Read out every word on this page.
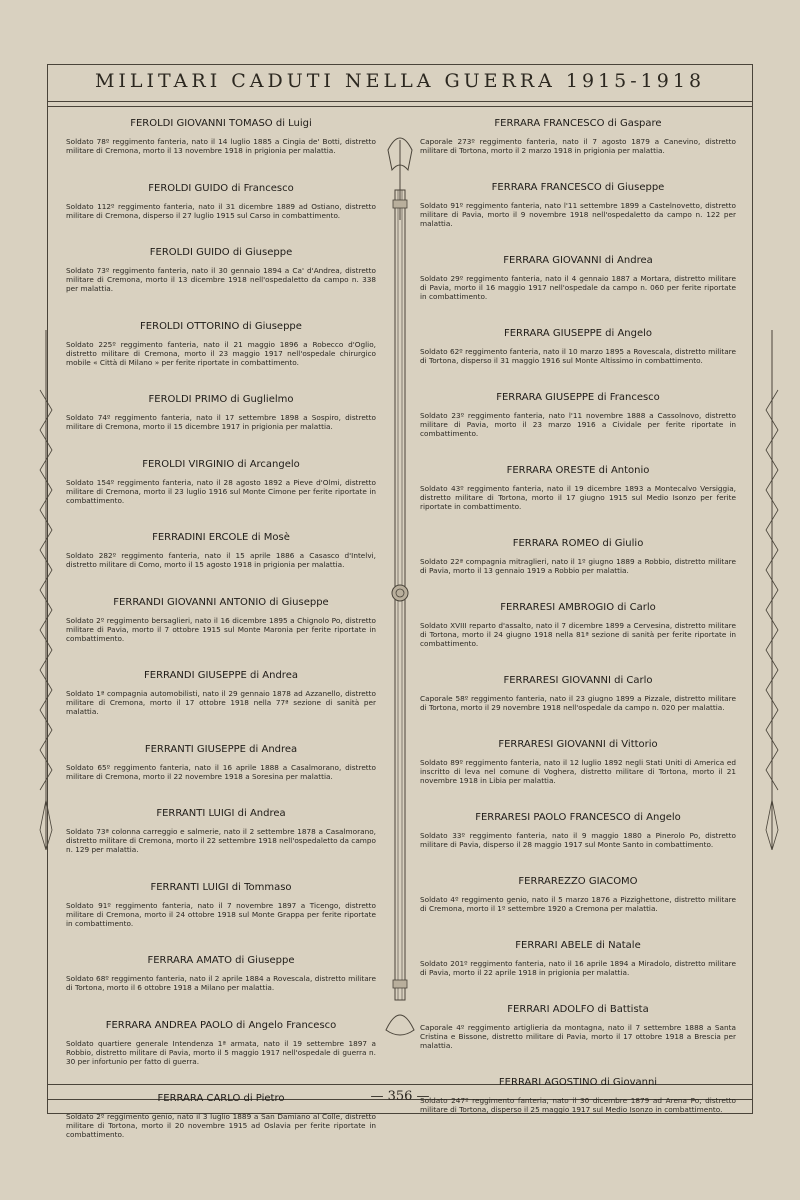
MILITARI CADUTI NELLA GUERRA 1915-1918
FEROLDI GIOVANNI TOMASO di Luigi

Soldato 78º reggimento fanteria, nato il 14 luglio 1885 a Cingia de' Botti, distretto militare di Cremona, morto il 13 novembre 1918 in prigionia per malattia.

FEROLDI GUIDO di Francesco

Soldato 112º reggimento fanteria, nato il 31 dicembre 1889 ad Ostiano, distretto militare di Cremona, disperso il 27 luglio 1915 sul Carso in combattimento.

FEROLDI GUIDO di Giuseppe

Soldato 73º reggimento fanteria, nato il 30 gennaio 1894 a Ca' d'Andrea, distretto militare di Cremona, morto il 13 dicembre 1918 nell'ospedaletto da campo n. 338 per malattia.

FEROLDI OTTORINO di Giuseppe

Soldato 225º reggimento fanteria, nato il 21 maggio 1896 a Robecco d'Oglio, distretto militare di Cremona, morto il 23 maggio 1917 nell'ospedale chirurgico mobile « Città di Milano » per ferite riportate in combattimento.

FEROLDI PRIMO di Guglielmo

Soldato 74º reggimento fanteria, nato il 17 settembre 1898 a Sospiro, distretto militare di Cremona, morto il 15 dicembre 1917 in prigionia per malattia.

FEROLDI VIRGINIO di Arcangelo

Soldato 154º reggimento fanteria, nato il 28 agosto 1892 a Pieve d'Olmi, distretto militare di Cremona, morto il 23 luglio 1916 sul Monte Cimone per ferite riportate in combattimento.

FERRADINI ERCOLE di Mosè

Soldato 282º reggimento fanteria, nato il 15 aprile 1886 a Casasco d'Intelvi, distretto militare di Como, morto il 15 agosto 1918 in prigionia per malattia.

FERRANDI GIOVANNI ANTONIO di Giuseppe

Soldato 2º reggimento bersaglieri, nato il 16 dicembre 1895 a Chignolo Po, distretto militare di Pavia, morto il 7 ottobre 1915 sul Monte Maronia per ferite riportate in combattimento.

FERRANDI GIUSEPPE di Andrea

Soldato 1ª compagnia automobilisti, nato il 29 gennaio 1878 ad Azzanello, distretto militare di Cremona, morto il 17 ottobre 1918 nella 77ª sezione di sanità per malattia.

FERRANTI GIUSEPPE di Andrea

Soldato 65º reggimento fanteria, nato il 16 aprile 1888 a Casalmorano, distretto militare di Cremona, morto il 22 novembre 1918 a Soresina per malattia.

FERRANTI LUIGI di Andrea

Soldato 73ª colonna carreggio e salmerie, nato il 2 settembre 1878 a Casalmorano, distretto militare di Cremona, morto il 22 settembre 1918 nell'ospedaletto da campo n. 129 per malattia.

FERRANTI LUIGI di Tommaso

Soldato 91º reggimento fanteria, nato il 7 novembre 1897 a Ticengo, distretto militare di Cremona, morto il 24 ottobre 1918 sul Monte Grappa per ferite riportate in combattimento.

FERRARA AMATO di Giuseppe

Soldato 68º reggimento fanteria, nato il 2 aprile 1884 a Rovescala, distretto militare di Tortona, morto il 6 ottobre 1918 a Milano per malattia.

FERRARA ANDREA PAOLO di Angelo Francesco

Soldato quartiere generale Intendenza 1ª armata, nato il 19 settembre 1897 a Robbio, distretto militare di Pavia, morto il 5 maggio 1917 nell'ospedale di guerra n. 30 per infortunio per fatto di guerra.

FERRARA CARLO di Pietro

Soldato 2º reggimento genio, nato il 3 luglio 1889 a San Damiano al Colle, distretto militare di Tortona, morto il 20 novembre 1915 ad Oslavia per ferite riportate in combattimento.

FERRARA FRANCESCO di Gaspare

Caporale 273º reggimento fanteria, nato il 7 agosto 1879 a Canevino, distretto militare di Tortona, morto il 2 marzo 1918 in prigionia per malattia.

FERRARA FRANCESCO di Giuseppe

Soldato 91º reggimento fanteria, nato l'11 settembre 1899 a Castelnovetto, distretto militare di Pavia, morto il 9 novembre 1918 nell'ospedaletto da campo n. 122 per malattia.

FERRARA GIOVANNI di Andrea

Soldato 29º reggimento fanteria, nato il 4 gennaio 1887 a Mortara, distretto militare di Pavia, morto il 16 maggio 1917 nell'ospedale da campo n. 060 per ferite riportate in combattimento.

FERRARA GIUSEPPE di Angelo

Soldato 62º reggimento fanteria, nato il 10 marzo 1895 a Rovescala, distretto militare di Tortona, disperso il 31 maggio 1916 sul Monte Altissimo in combattimento.

FERRARA GIUSEPPE di Francesco

Soldato 23º reggimento fanteria, nato l'11 novembre 1888 a Cassolnovo, distretto militare di Pavia, morto il 23 marzo 1916 a Cividale per ferite riportate in combattimento.

FERRARA ORESTE di Antonio

Soldato 43º reggimento fanteria, nato il 19 dicembre 1893 a Montecalvo Versiggia, distretto militare di Tortona, morto il 17 giugno 1915 sul Medio Isonzo per ferite riportate in combattimento.

FERRARA ROMEO di Giulio

Soldato 22ª compagnia mitraglieri, nato il 1º giugno 1889 a Robbio, distretto militare di Pavia, morto il 13 gennaio 1919 a Robbio per malattia.

FERRARESI AMBROGIO di Carlo

Soldato XVIII reparto d'assalto, nato il 7 dicembre 1899 a Cervesina, distretto militare di Tortona, morto il 24 giugno 1918 nella 81ª sezione di sanità per ferite riportate in combattimento.

FERRARESI GIOVANNI di Carlo

Caporale 58º reggimento fanteria, nato il 23 giugno 1899 a Pizzale, distretto militare di Tortona, morto il 29 novembre 1918 nell'ospedale da campo n. 020 per malattia.

FERRARESI GIOVANNI di Vittorio

Soldato 89º reggimento fanteria, nato il 12 luglio 1892 negli Stati Uniti di America ed inscritto di leva nel comune di Voghera, distretto militare di Tortona, morto il 21 novembre 1918 in Libia per malattia.

FERRARESI PAOLO FRANCESCO di Angelo

Soldato 33º reggimento fanteria, nato il 9 maggio 1880 a Pinerolo Po, distretto militare di Pavia, disperso il 28 maggio 1917 sul Monte Santo in combattimento.

FERRAREZZO GIACOMO

Soldato 4º reggimento genio, nato il 5 marzo 1876 a Pizzighettone, distretto militare di Cremona, morto il 1º settembre 1920 a Cremona per malattia.

FERRARI ABELE di Natale

Soldato 201º reggimento fanteria, nato il 16 aprile 1894 a Miradolo, distretto militare di Pavia, morto il 22 aprile 1918 in prigionia per malattia.

FERRARI ADOLFO di Battista

Caporale 4º reggimento artiglieria da montagna, nato il 7 settembre 1888 a Santa Cristina e Bissone, distretto militare di Pavia, morto il 17 ottobre 1918 a Brescia per malattia.

FERRARI AGOSTINO di Giovanni

Soldato 247º reggimento fanteria, nato il 30 dicembre 1879 ad Arena Po, distretto militare di Tortona, disperso il 25 maggio 1917 sul Medio Isonzo in combattimento.

— 356 —
